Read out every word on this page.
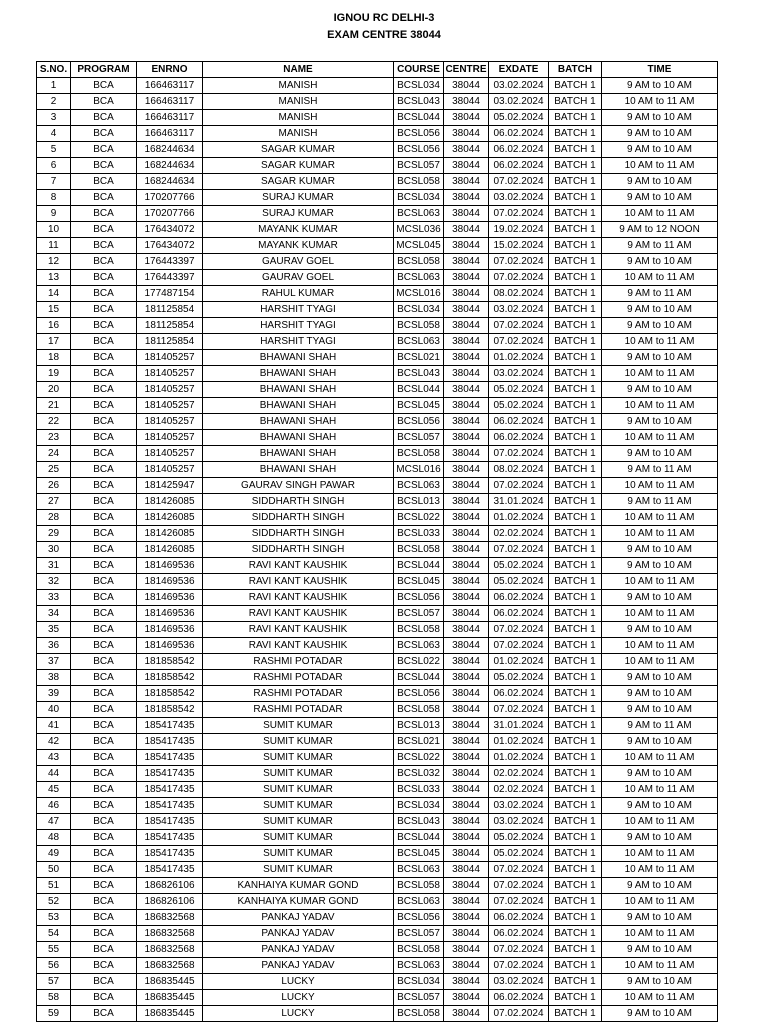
IGNOU RC DELHI-3
EXAM CENTRE 38044
S.NO.	PROGRAM	ENRNO	NAME	COURSE	CENTRE	EXDATE	BATCH	TIME
1	BCA	166463117	MANISH	BCSL034	38044	03.02.2024	BATCH 1	9 AM to 10 AM
2	BCA	166463117	MANISH	BCSL043	38044	03.02.2024	BATCH 1	10 AM to 11 AM
3	BCA	166463117	MANISH	BCSL044	38044	05.02.2024	BATCH 1	9 AM to 10 AM
4	BCA	166463117	MANISH	BCSL056	38044	06.02.2024	BATCH 1	9 AM to 10 AM
5	BCA	168244634	SAGAR KUMAR	BCSL056	38044	06.02.2024	BATCH 1	9 AM to 10 AM
6	BCA	168244634	SAGAR KUMAR	BCSL057	38044	06.02.2024	BATCH 1	10 AM to 11 AM
7	BCA	168244634	SAGAR KUMAR	BCSL058	38044	07.02.2024	BATCH 1	9 AM to 10 AM
8	BCA	170207766	SURAJ KUMAR	BCSL034	38044	03.02.2024	BATCH 1	9 AM to 10 AM
9	BCA	170207766	SURAJ KUMAR	BCSL063	38044	07.02.2024	BATCH 1	10 AM to 11 AM
10	BCA	176434072	MAYANK KUMAR	MCSL036	38044	19.02.2024	BATCH 1	9 AM to 12 NOON
11	BCA	176434072	MAYANK KUMAR	MCSL045	38044	15.02.2024	BATCH 1	9 AM to 11 AM
12	BCA	176443397	GAURAV GOEL	BCSL058	38044	07.02.2024	BATCH 1	9 AM to 10 AM
13	BCA	176443397	GAURAV GOEL	BCSL063	38044	07.02.2024	BATCH 1	10 AM to 11 AM
14	BCA	177487154	RAHUL KUMAR	MCSL016	38044	08.02.2024	BATCH 1	9 AM to 11 AM
15	BCA	181125854	HARSHIT TYAGI	BCSL034	38044	03.02.2024	BATCH 1	9 AM to 10 AM
16	BCA	181125854	HARSHIT TYAGI	BCSL058	38044	07.02.2024	BATCH 1	9 AM to 10 AM
17	BCA	181125854	HARSHIT TYAGI	BCSL063	38044	07.02.2024	BATCH 1	10 AM to 11 AM
18	BCA	181405257	BHAWANI SHAH	BCSL021	38044	01.02.2024	BATCH 1	9 AM to 10 AM
19	BCA	181405257	BHAWANI SHAH	BCSL043	38044	03.02.2024	BATCH 1	10 AM to 11 AM
20	BCA	181405257	BHAWANI SHAH	BCSL044	38044	05.02.2024	BATCH 1	9 AM to 10 AM
21	BCA	181405257	BHAWANI SHAH	BCSL045	38044	05.02.2024	BATCH 1	10 AM to 11 AM
22	BCA	181405257	BHAWANI SHAH	BCSL056	38044	06.02.2024	BATCH 1	9 AM to 10 AM
23	BCA	181405257	BHAWANI SHAH	BCSL057	38044	06.02.2024	BATCH 1	10 AM to 11 AM
24	BCA	181405257	BHAWANI SHAH	BCSL058	38044	07.02.2024	BATCH 1	9 AM to 10 AM
25	BCA	181405257	BHAWANI SHAH	MCSL016	38044	08.02.2024	BATCH 1	9 AM to 11 AM
26	BCA	181425947	GAURAV SINGH PAWAR	BCSL063	38044	07.02.2024	BATCH 1	10 AM to 11 AM
27	BCA	181426085	SIDDHARTH SINGH	BCSL013	38044	31.01.2024	BATCH 1	9 AM to 11 AM
28	BCA	181426085	SIDDHARTH SINGH	BCSL022	38044	01.02.2024	BATCH 1	10 AM to 11 AM
29	BCA	181426085	SIDDHARTH SINGH	BCSL033	38044	02.02.2024	BATCH 1	10 AM to 11 AM
30	BCA	181426085	SIDDHARTH SINGH	BCSL058	38044	07.02.2024	BATCH 1	9 AM to 10 AM
31	BCA	181469536	RAVI KANT KAUSHIK	BCSL044	38044	05.02.2024	BATCH 1	9 AM to 10 AM
32	BCA	181469536	RAVI KANT KAUSHIK	BCSL045	38044	05.02.2024	BATCH 1	10 AM to 11 AM
33	BCA	181469536	RAVI KANT KAUSHIK	BCSL056	38044	06.02.2024	BATCH 1	9 AM to 10 AM
34	BCA	181469536	RAVI KANT KAUSHIK	BCSL057	38044	06.02.2024	BATCH 1	10 AM to 11 AM
35	BCA	181469536	RAVI KANT KAUSHIK	BCSL058	38044	07.02.2024	BATCH 1	9 AM to 10 AM
36	BCA	181469536	RAVI KANT KAUSHIK	BCSL063	38044	07.02.2024	BATCH 1	10 AM to 11 AM
37	BCA	181858542	RASHMI POTADAR	BCSL022	38044	01.02.2024	BATCH 1	10 AM to 11 AM
38	BCA	181858542	RASHMI POTADAR	BCSL044	38044	05.02.2024	BATCH 1	9 AM to 10 AM
39	BCA	181858542	RASHMI POTADAR	BCSL056	38044	06.02.2024	BATCH 1	9 AM to 10 AM
40	BCA	181858542	RASHMI POTADAR	BCSL058	38044	07.02.2024	BATCH 1	9 AM to 10 AM
41	BCA	185417435	SUMIT KUMAR	BCSL013	38044	31.01.2024	BATCH 1	9 AM to 11 AM
42	BCA	185417435	SUMIT KUMAR	BCSL021	38044	01.02.2024	BATCH 1	9 AM to 10 AM
43	BCA	185417435	SUMIT KUMAR	BCSL022	38044	01.02.2024	BATCH 1	10 AM to 11 AM
44	BCA	185417435	SUMIT KUMAR	BCSL032	38044	02.02.2024	BATCH 1	9 AM to 10 AM
45	BCA	185417435	SUMIT KUMAR	BCSL033	38044	02.02.2024	BATCH 1	10 AM to 11 AM
46	BCA	185417435	SUMIT KUMAR	BCSL034	38044	03.02.2024	BATCH 1	9 AM to 10 AM
47	BCA	185417435	SUMIT KUMAR	BCSL043	38044	03.02.2024	BATCH 1	10 AM to 11 AM
48	BCA	185417435	SUMIT KUMAR	BCSL044	38044	05.02.2024	BATCH 1	9 AM to 10 AM
49	BCA	185417435	SUMIT KUMAR	BCSL045	38044	05.02.2024	BATCH 1	10 AM to 11 AM
50	BCA	185417435	SUMIT KUMAR	BCSL063	38044	07.02.2024	BATCH 1	10 AM to 11 AM
51	BCA	186826106	KANHAIYA KUMAR GOND	BCSL058	38044	07.02.2024	BATCH 1	9 AM to 10 AM
52	BCA	186826106	KANHAIYA KUMAR GOND	BCSL063	38044	07.02.2024	BATCH 1	10 AM to 11 AM
53	BCA	186832568	PANKAJ YADAV	BCSL056	38044	06.02.2024	BATCH 1	9 AM to 10 AM
54	BCA	186832568	PANKAJ YADAV	BCSL057	38044	06.02.2024	BATCH 1	10 AM to 11 AM
55	BCA	186832568	PANKAJ YADAV	BCSL058	38044	07.02.2024	BATCH 1	9 AM to 10 AM
56	BCA	186832568	PANKAJ YADAV	BCSL063	38044	07.02.2024	BATCH 1	10 AM to 11 AM
57	BCA	186835445	LUCKY	BCSL034	38044	03.02.2024	BATCH 1	9 AM to 10 AM
58	BCA	186835445	LUCKY	BCSL057	38044	06.02.2024	BATCH 1	10 AM to 11 AM
59	BCA	186835445	LUCKY	BCSL058	38044	07.02.2024	BATCH 1	9 AM to 10 AM
